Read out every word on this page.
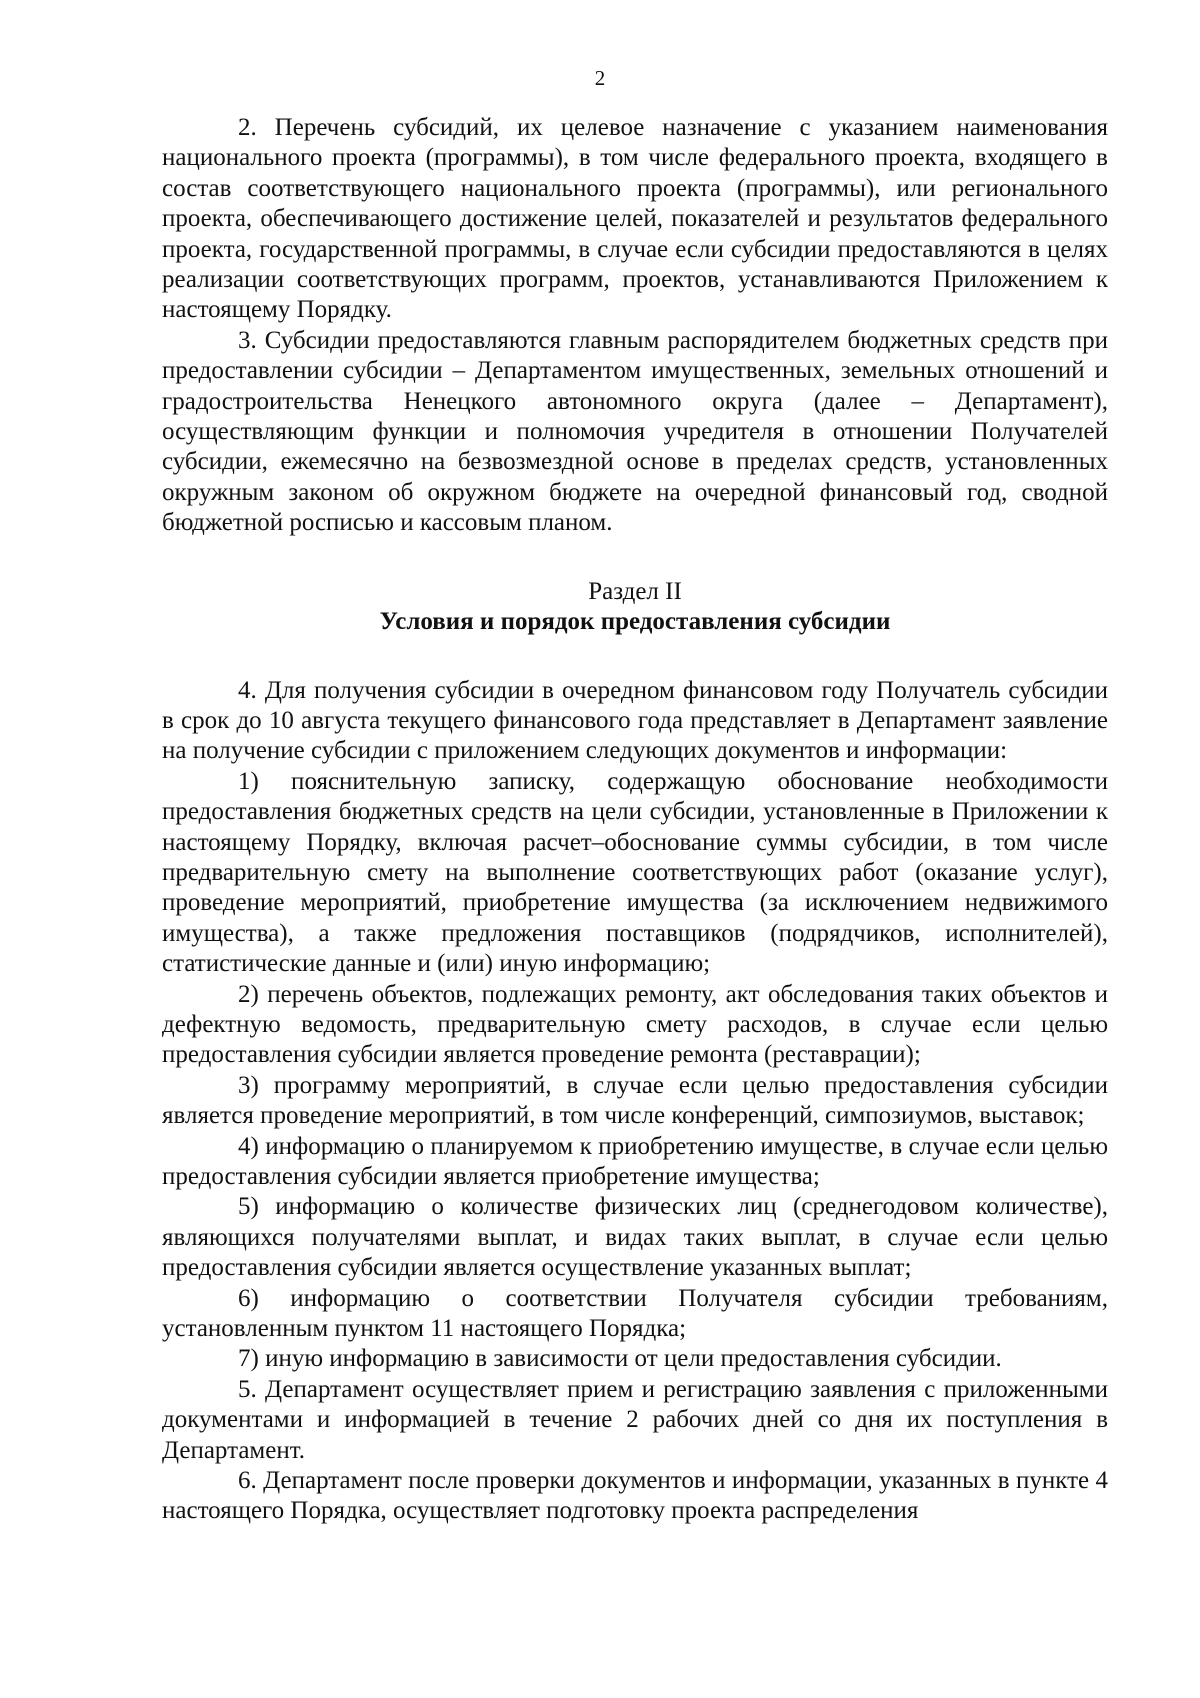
2

2. Перечень субсидий, их целевое назначение с указанием наименования национального проекта (программы), в том числе федерального проекта, входящего в состав соответствующего национального проекта (программы), или регионального проекта, обеспечивающего достижение целей, показателей и результатов федерального проекта, государственной программы, в случае если субсидии предоставляются в целях реализации соответствующих программ, проектов, устанавливаются Приложением к настоящему Порядку.

3. Субсидии предоставляются главным распорядителем бюджетных средств при предоставлении субсидии – Департаментом имущественных, земельных отношений и градостроительства Ненецкого автономного округа (далее – Департамент), осуществляющим функции и полномочия учредителя в отношении Получателей субсидии, ежемесячно на безвозмездной основе в пределах средств, установленных окружным законом об окружном бюджете на очередной финансовый год, сводной бюджетной росписью и кассовым планом.

Раздел II

Условия и порядок предоставления субсидии

4. Для получения субсидии в очередном финансовом году Получатель субсидии в срок до 10 августа текущего финансового года представляет в Департамент заявление на получение субсидии с приложением следующих документов и информации:

1) пояснительную записку, содержащую обоснование необходимости предоставления бюджетных средств на цели субсидии, установленные в Приложении к настоящему Порядку, включая расчет–обоснование суммы субсидии, в том числе предварительную смету на выполнение соответствующих работ (оказание услуг), проведение мероприятий, приобретение имущества (за исключением недвижимого имущества), а также предложения поставщиков (подрядчиков, исполнителей), статистические данные и (или) иную информацию;

2) перечень объектов, подлежащих ремонту, акт обследования таких объектов и дефектную ведомость, предварительную смету расходов, в случае если целью предоставления субсидии является проведение ремонта (реставрации);

3) программу мероприятий, в случае если целью предоставления субсидии является проведение мероприятий, в том числе конференций, симпозиумов, выставок;

4) информацию о планируемом к приобретению имуществе, в случае если целью предоставления субсидии является приобретение имущества;

5) информацию о количестве физических лиц (среднегодовом количестве), являющихся получателями выплат, и видах таких выплат, в случае если целью предоставления субсидии является осуществление указанных выплат;

6) информацию о соответствии Получателя субсидии требованиям, установленным пунктом 11 настоящего Порядка;

7) иную информацию в зависимости от цели предоставления субсидии.

5. Департамент осуществляет прием и регистрацию заявления с приложенными документами и информацией в течение 2 рабочих дней со дня их поступления в Департамент.

6. Департамент после проверки документов и информации, указанных в пункте 4 настоящего Порядка, осуществляет подготовку проекта распределения
